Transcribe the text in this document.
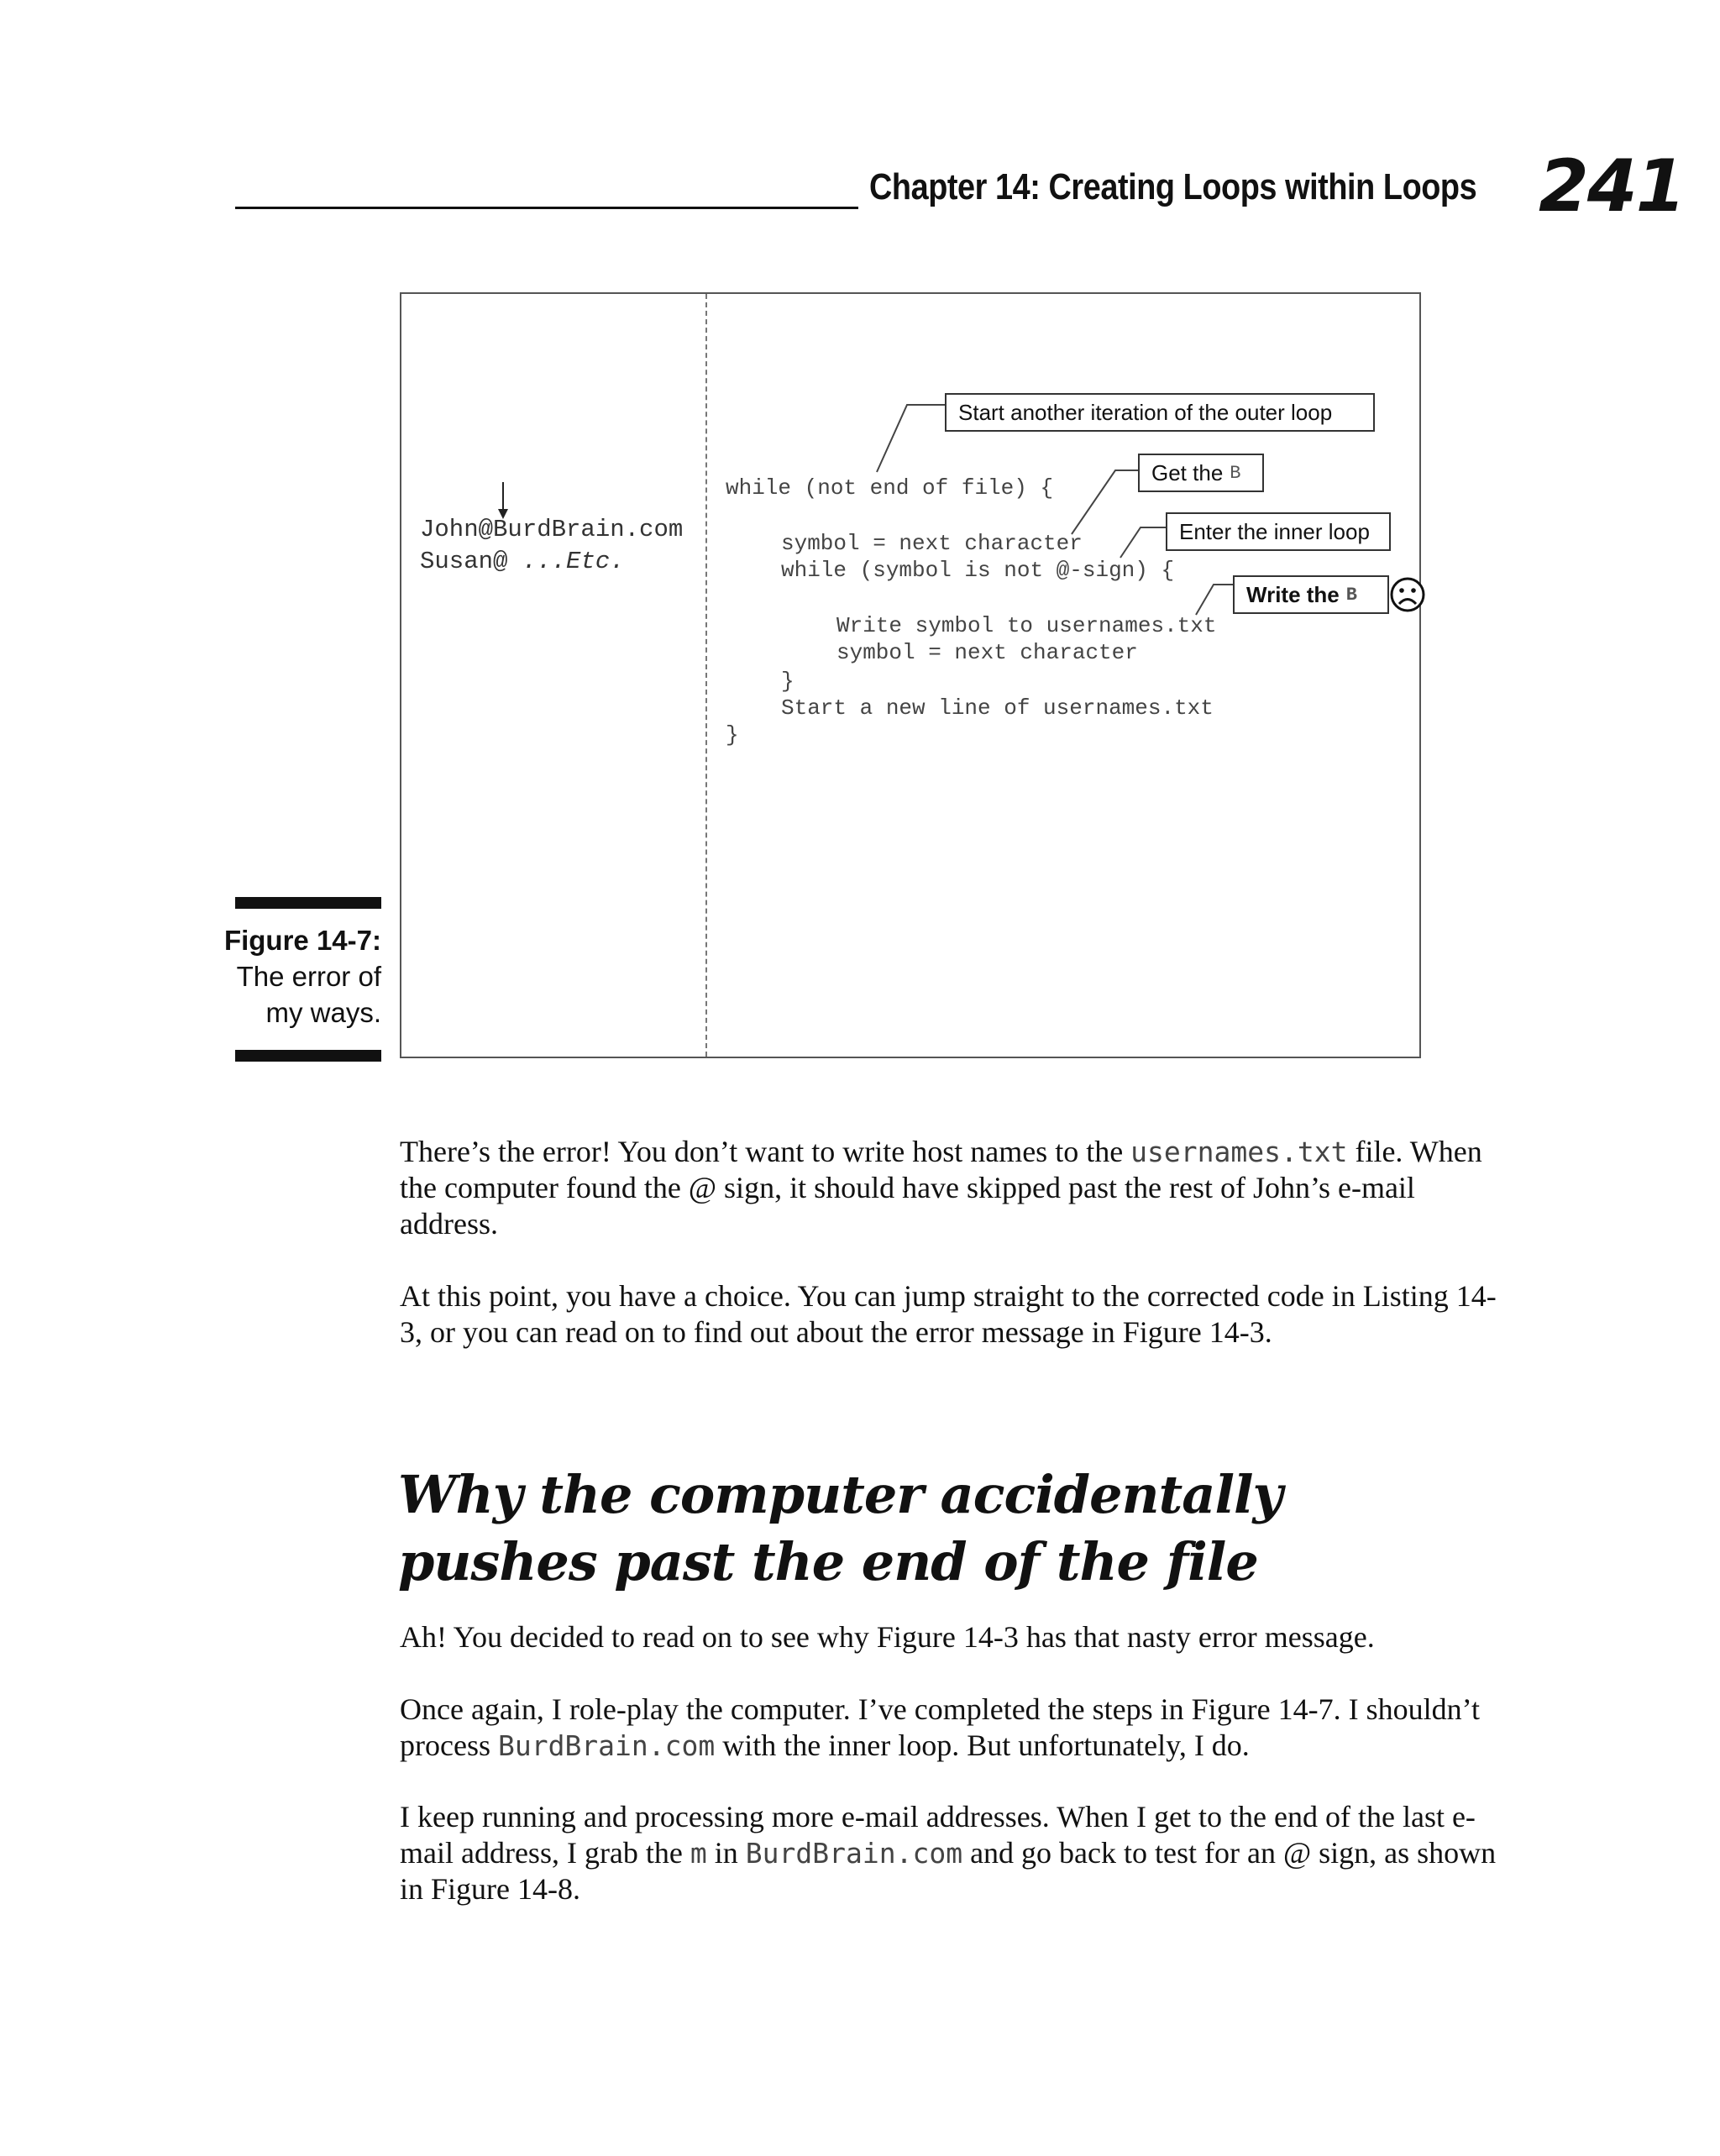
Chapter 14: Creating Loops within Loops 241
John@BurdBrain.com
Susan@ ...Etc.
while (not end of file) {
symbol = next character
while (symbol is not @-sign) {
Write symbol to usernames.txt
symbol = next character
}
Start a new line of usernames.txt
}
Start another iteration of the outer loop
Get the B
Enter the inner loop
Write the B
Figure 14-7:
The error of my ways.
There’s the error! You don’t want to write host names to the usernames.txt file. When the computer found the @ sign, it should have skipped past the rest of John’s e-mail address.
At this point, you have a choice. You can jump straight to the corrected code in Listing 14-3, or you can read on to find out about the error message in Figure 14-3.
Why the computer accidentally pushes past the end of the file
Ah! You decided to read on to see why Figure 14-3 has that nasty error message.
Once again, I role-play the computer. I’ve completed the steps in Figure 14-7. I shouldn’t process BurdBrain.com with the inner loop. But unfortunately, I do.
I keep running and processing more e-mail addresses. When I get to the end of the last e-mail address, I grab the m in BurdBrain.com and go back to test for an @ sign, as shown in Figure 14-8.
